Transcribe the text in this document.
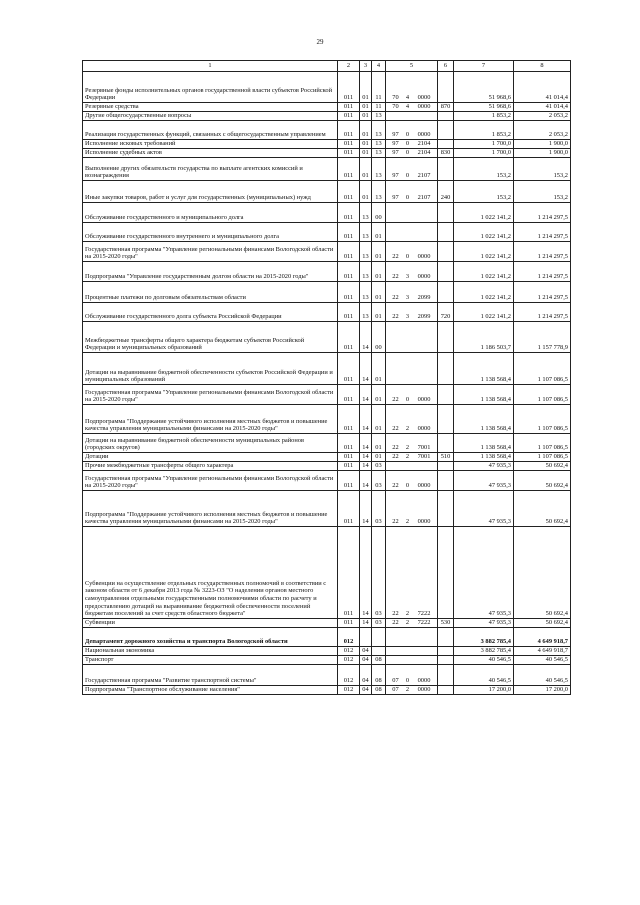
29
1	2	3	4	5	6	7	8
Резервные фонды исполнительных органов государственной власти субъектов Российской Федерации	011	01	11	70 4 0000		51 968,6	41 014,4
Резервные средства	011	01	11	70 4 0000	870	51 968,6	41 014,4
Другие общегосударственные вопросы	011	01	13			1 853,2	2 053,2
Реализация государственных функций, связанных с общегосударственным управлением	011	01	13	97 0 0000		1 853,2	2 053,2
Исполнение исковых требований	011	01	13	97 0 2104		1 700,0	1 900,0
Исполнение судебных актов	011	01	13	97 0 2104	830	1 700,0	1 900,0
Выполнение других обязательств государства по выплате агентских комиссий и вознаграждения	011	01	13	97 0 2107		153,2	153,2
Иные закупки товаров, работ и услуг для государственных (муниципальных) нужд	011	01	13	97 0 2107	240	153,2	153,2
Обслуживание государственного и муниципального долга	011	13	00			1 022 141,2	1 214 297,5
Обслуживание государственного внутреннего и муниципального долга	011	13	01			1 022 141,2	1 214 297,5
Государственная программа "Управление региональными финансами Вологодской области на 2015-2020 годы"	011	13	01	22 0 0000		1 022 141,2	1 214 297,5
Подпрограмма "Управление государственным долгом области на 2015-2020 годы"	011	13	01	22 3 0000		1 022 141,2	1 214 297,5
Процентные платежи по долговым обязательствам области	011	13	01	22 3 2099		1 022 141,2	1 214 297,5
Обслуживание государственного долга субъекта Российской Федерации	011	13	01	22 3 2099	720	1 022 141,2	1 214 297,5
Межбюджетные трансферты общего характера бюджетам субъектов Российской Федерации и муниципальных образований	011	14	00			1 186 503,7	1 157 778,9
Дотации на выравнивание бюджетной обеспеченности субъектов Российской Федерации и муниципальных образований	011	14	01			1 138 568,4	1 107 086,5
Государственная программа "Управление региональными финансами Вологодской области на 2015-2020 годы"	011	14	01	22 0 0000		1 138 568,4	1 107 086,5
Подпрограмма "Поддержание устойчивого исполнения местных бюджетов и повышение качества управления муниципальными финансами на 2015-2020 годы"	011	14	01	22 2 0000		1 138 568,4	1 107 086,5
Дотации на выравнивание бюджетной обеспеченности муниципальных районов (городских округов)	011	14	01	22 2 7001		1 138 568,4	1 107 086,5
Дотации	011	14	01	22 2 7001	510	1 138 568,4	1 107 086,5
Прочие межбюджетные трансферты общего характера	011	14	03			47 935,3	50 692,4
Государственная программа "Управление региональными финансами Вологодской области на 2015-2020 годы"	011	14	03	22 0 0000		47 935,3	50 692,4
Подпрограмма "Поддержание устойчивого исполнения местных бюджетов и повышение качества управления муниципальными финансами на 2015-2020 годы"	011	14	03	22 2 0000		47 935,3	50 692,4
Субвенции на осуществление отдельных государственных полномочий в соответствии с законом области от 6 декабря 2013 года № 3223-ОЗ "О наделении органов местного самоуправления отдельными государственными полномочиями области по расчету и предоставлению дотаций на выравнивание бюджетной обеспеченности поселений бюджетам поселений за счет средств областного бюджета"	011	14	03	22 2 7222		47 935,3	50 692,4
Субвенции	011	14	03	22 2 7222	530	47 935,3	50 692,4
Департамент дорожного хозяйства и транспорта Вологодской области	012					3 882 785,4	4 649 918,7
Национальная экономика	012	04				3 882 785,4	4 649 918,7
Транспорт	012	04	08			40 546,5	40 546,5
Государственная программа "Развитие транспортной системы"	012	04	08	07 0 0000		40 546,5	40 546,5
Подпрограмма "Транспортное обслуживание населения"	012	04	08	07 2 0000		17 200,0	17 200,0
